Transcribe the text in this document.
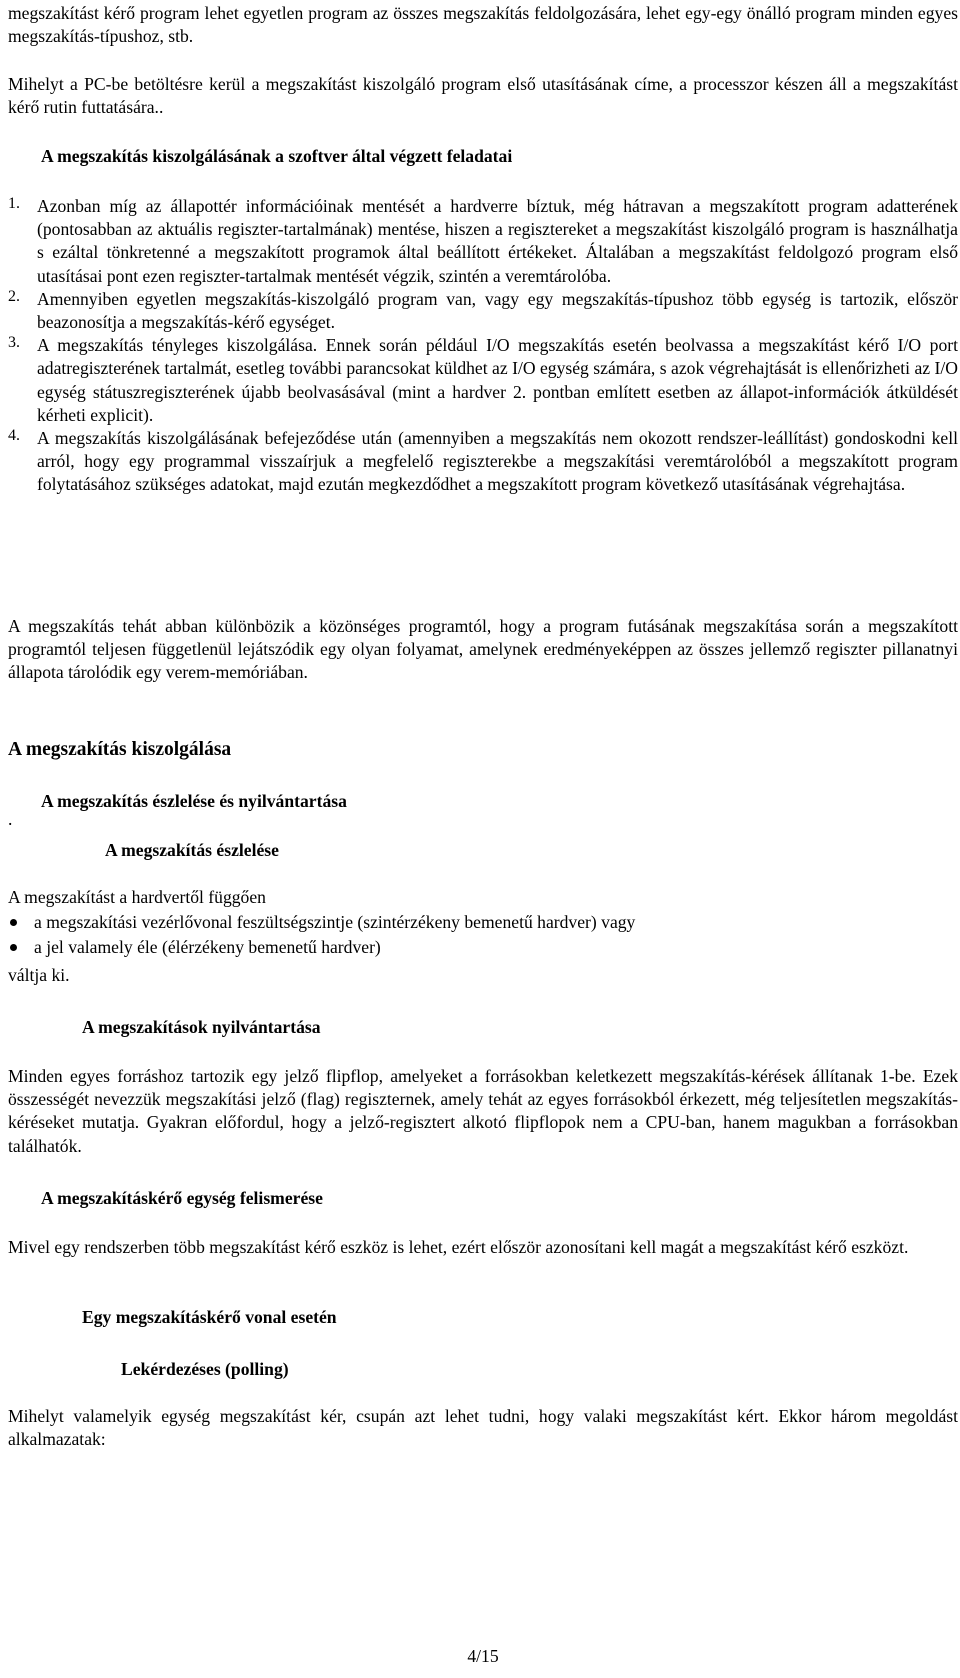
megszakítást kérő program lehet egyetlen program az összes megszakítás feldolgozására, lehet egy-egy önálló program minden egyes megszakítás-típushoz, stb.

Mihelyt a PC-be betöltésre kerül a megszakítást kiszolgáló program első utasításának címe, a processzor készen áll a megszakítást kérő rutin futtatására..

A megszakítás kiszolgálásának a szoftver által végzett feladatai

1. Azonban míg az állapottér információinak mentését a hardverre bíztuk, még hátravan a megszakított program adatterének (pontosabban az aktuális regiszter-tartalmának) mentése, hiszen a regisztereket a megszakítást kiszolgáló program is használhatja s ezáltal tönkretenné a megszakított programok által beállított értékeket. Általában a megszakítást feldolgozó program első utasításai pont ezen regiszter-tartalmak mentését végzik, szintén a veremtárolóba.

2. Amennyiben egyetlen megszakítás-kiszolgáló program van, vagy egy megszakítás-típushoz több egység is tartozik, először beazonosítja a megszakítás-kérő egységet.

3. A megszakítás tényleges kiszolgálása. Ennek során például I/O megszakítás esetén beolvassa a megszakítást kérő I/O port adatregiszterének tartalmát, esetleg további parancsokat küldhet az I/O egység számára, s azok végrehajtását is ellenőrizheti az I/O egység státuszregiszterének újabb beolvasásával (mint a hardver 2. pontban említett esetben az állapot-információk átküldését kérheti explicit).

4. A megszakítás kiszolgálásának befejeződése után (amennyiben a megszakítás nem okozott rendszer-leállítást) gondoskodni kell arról, hogy egy programmal visszaírjuk a megfelelő regiszterekbe a megszakítási veremtárolóból a megszakított program folytatásához szükséges adatokat, majd ezután megkezdődhet a megszakított program következő utasításának végrehajtása.

A megszakítás tehát abban különbözik a közönséges programtól, hogy a program futásának megszakítása során a megszakított programtól teljesen függetlenül lejátszódik egy olyan folyamat, amelynek eredményeképpen az összes jellemző regiszter pillanatnyi állapota tárolódik egy verem-memóriában.

A megszakítás kiszolgálása

.

A megszakítás észlelése és nyilvántartása

A megszakítás észlelése

A megszakítást a hardvertől függően

a megszakítási vezérlővonal feszültségszintje (szintérzékeny bemenetű hardver) vagy

a jel valamely éle (élérzékeny bemenetű hardver)

váltja ki.

A megszakítások nyilvántartása

Minden egyes forráshoz tartozik egy jelző flipflop, amelyeket a forrásokban keletkezett megszakítás-kérések állítanak 1-be. Ezek összességét nevezzük megszakítási jelző (flag) regiszternek, amely tehát az egyes forrásokból érkezett, még teljesítetlen megszakítás-kéréseket mutatja. Gyakran előfordul, hogy a jelző-regisztert alkotó flipflopok nem a CPU-ban, hanem magukban a forrásokban találhatók.

A megszakításkérő egység felismerése

Mivel egy rendszerben több megszakítást kérő eszköz is lehet, ezért először azonosítani kell magát a megszakítást kérő eszközt.

Egy megszakításkérő vonal esetén

Lekérdezéses (polling)

Mihelyt valamelyik egység megszakítást kér, csupán azt lehet tudni, hogy valaki megszakítást kért. Ekkor három megoldást alkalmazatak:

4/15
